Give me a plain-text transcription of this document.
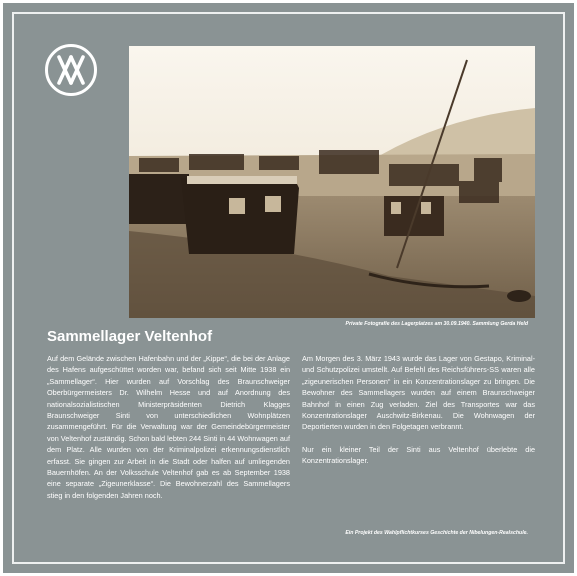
Private Fotografie des Lagerplatzes am 30.09.1940. Sammlung Gerda Held
Sammellager Veltenhof

Auf dem Gelände zwischen Hafenbahn und der „Kippe“, die bei der Anlage des Hafens aufgeschüttet worden war, befand sich seit Mitte 1938 ein „Sammellager“. Hier wurden auf Vorschlag des Braunschweiger Oberbürgermeisters Dr. Wilhelm Hesse und auf Anordnung des nationalsozialistischen Ministerpräsidenten Dietrich Klagges Braunschweiger Sinti von unterschiedlichen Wohnplätzen zusammengeführt. Für die Verwaltung war der Gemeindebürgermeister von Veltenhof zuständig. Schon bald lebten 244 Sinti in 44 Wohnwagen auf dem Platz. Alle wurden von der Kriminalpolizei erkennungsdienstlich erfasst. Sie gingen zur Arbeit in die Stadt oder halfen auf umliegenden Bauernhöfen. An der Volksschule Veltenhof gab es ab September 1938 eine separate „Zigeunerklasse“. Die Bewohnerzahl des Sammellagers stieg in den folgenden Jahren noch.

Am Morgen des 3. März 1943 wurde das Lager von Gestapo, Kriminal- und Schutzpolizei umstellt. Auf Befehl des Reichsführers-SS waren alle „zigeunerischen Personen“ in ein Konzentrationslager zu bringen. Die Bewohner des Sammellagers wurden auf einem Braunschweiger Bahnhof in einen Zug verladen. Ziel des Transportes war das Konzentrationslager Auschwitz-Birkenau. Die Wohnwagen der Deportierten wurden in den Folgetagen verbrannt.

Nur ein kleiner Teil der Sinti aus Veltenhof überlebte die Konzentrationslager.

Ein Projekt des Wahlpflichtkurses Geschichte der Nibelungen-Realschule.
